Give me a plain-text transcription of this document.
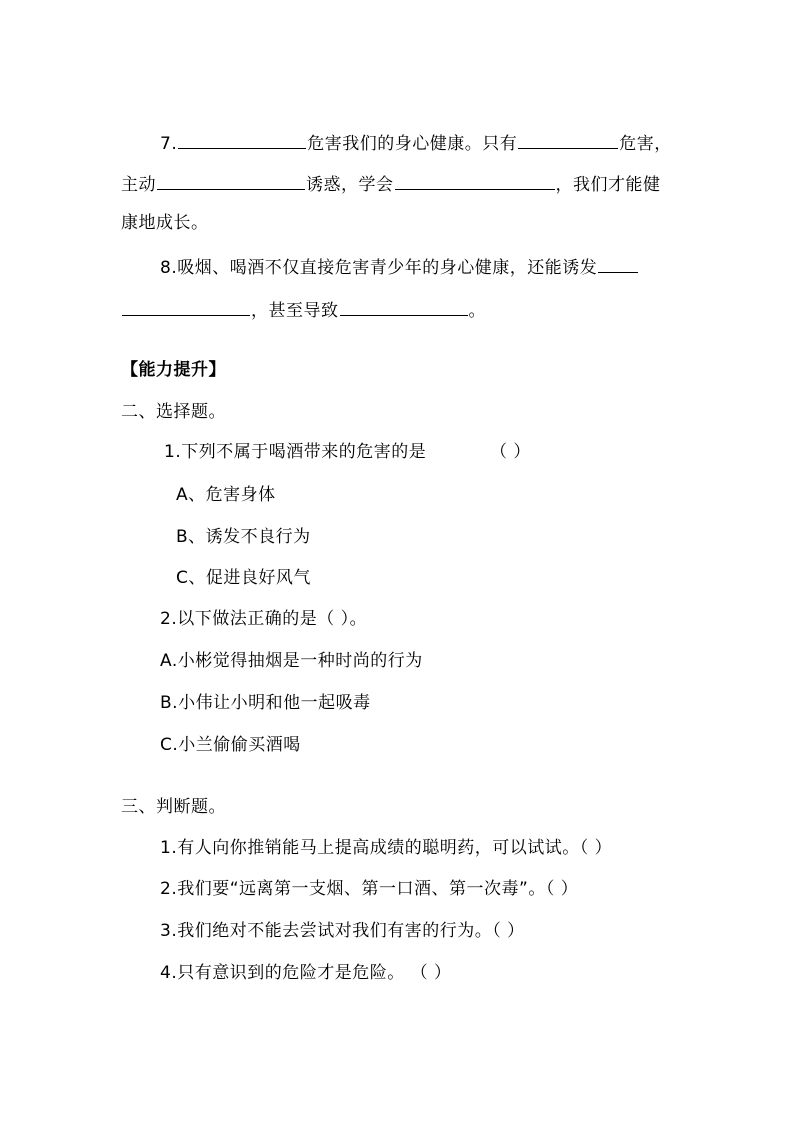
7.	危害我们的身心健康。只有	危害，
主动	诱惑，学会	，我们才能健
康地成长。
8.吸烟、喝酒不仅直接危害青少年的身心健康，还能诱发
，甚至导致	。
【能力提升】
二、选择题。
1.下列不属于喝酒带来的危害的是	（ ）
A、危害身体
B、诱发不良行为
C、促进良好风气
2.以下做法正确的是（ ）。
A.小彬觉得抽烟是一种时尚的行为
B.小伟让小明和他一起吸毒
C.小兰偷偷买酒喝
三、判断题。
1.有人向你推销能马上提高成绩的聪明药，可以试试。（ ）
2.我们要“远离第一支烟、第一口酒、第一次毒”。（ ）
3.我们绝对不能去尝试对我们有害的行为。（ ）
4.只有意识到的危险才是危险。 （ ）
